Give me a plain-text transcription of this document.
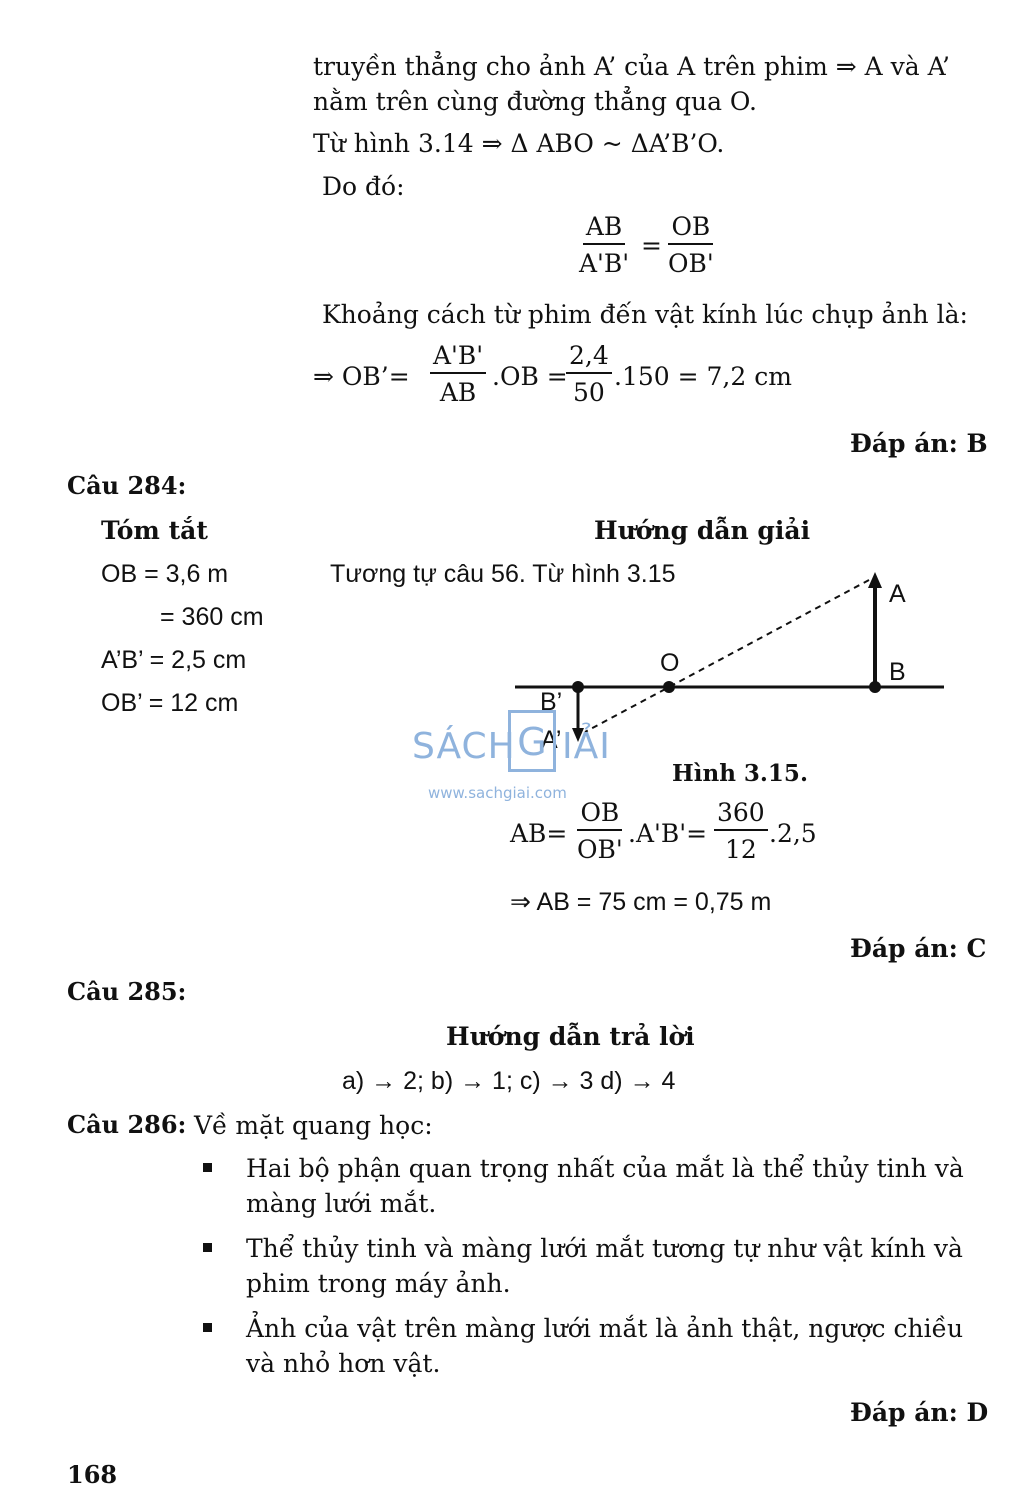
truyền thẳng cho ảnh A’ của A trên phim ⇒ A và A’
nằm trên cùng đường thẳng qua O.
Từ hình 3.14 ⇒ Δ ABO ~ ΔA’B’O.
Do đó:
$\frac{AB}{A'B'} = \frac{OB}{OB'}$
Khoảng cách từ phim đến vật kính lúc chụp ảnh là:
⇒ OB’= $\frac{A'B'}{AB} .OB$ =
$\frac{2,4}{50} .150 = 7,2$ cm
Đáp án: B
Câu 284:
Tóm tắt	Hướng dẫn giải
OB = 3,6 m
= 360 cm
A’B’ = 2,5 cm
OB’ = 12 cm
Tương tự câu 56. Từ hình 3.15
A
B
O
B’
A’
Hình 3.15.
SÁCH G IẢI
www.sachgiai.com
$AB= \frac{OB}{OB'} .A'B'= \frac{360}{12} .2,5$
⇒ AB = 75 cm = 0,75 m
Đáp án: C
Câu 285:
Hướng dẫn trả lời
a) → 2; b) → 1; c) → 3 d) → 4
Câu 286: Về mặt quang học:
Hai bộ phận quan trọng nhất của mắt là thể thủy tinh và
màng lưới mắt.
Thể thủy tinh và màng lưới mắt tương tự như vật kính và
phim trong máy ảnh.
Ảnh của vật trên màng lưới mắt là ảnh thật, ngược chiều
và nhỏ hơn vật.
Đáp án: D
168
